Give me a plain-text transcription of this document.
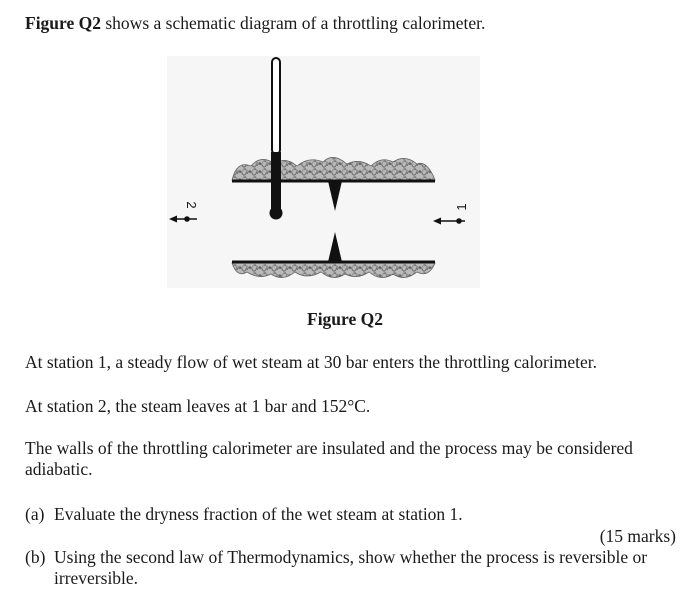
Figure Q2 shows a schematic diagram of a throttling calorimeter.
2	1
Figure Q2
At station 1, a steady flow of wet steam at 30 bar enters the throttling calorimeter.
At station 2, the steam leaves at 1 bar and 152°C.
The walls of the throttling calorimeter are insulated and the process may be considered adiabatic.
(a) Evaluate the dryness fraction of the wet steam at station 1.
(15 marks)
(b) Using the second law of Thermodynamics, show whether the process is reversible or irreversible.
